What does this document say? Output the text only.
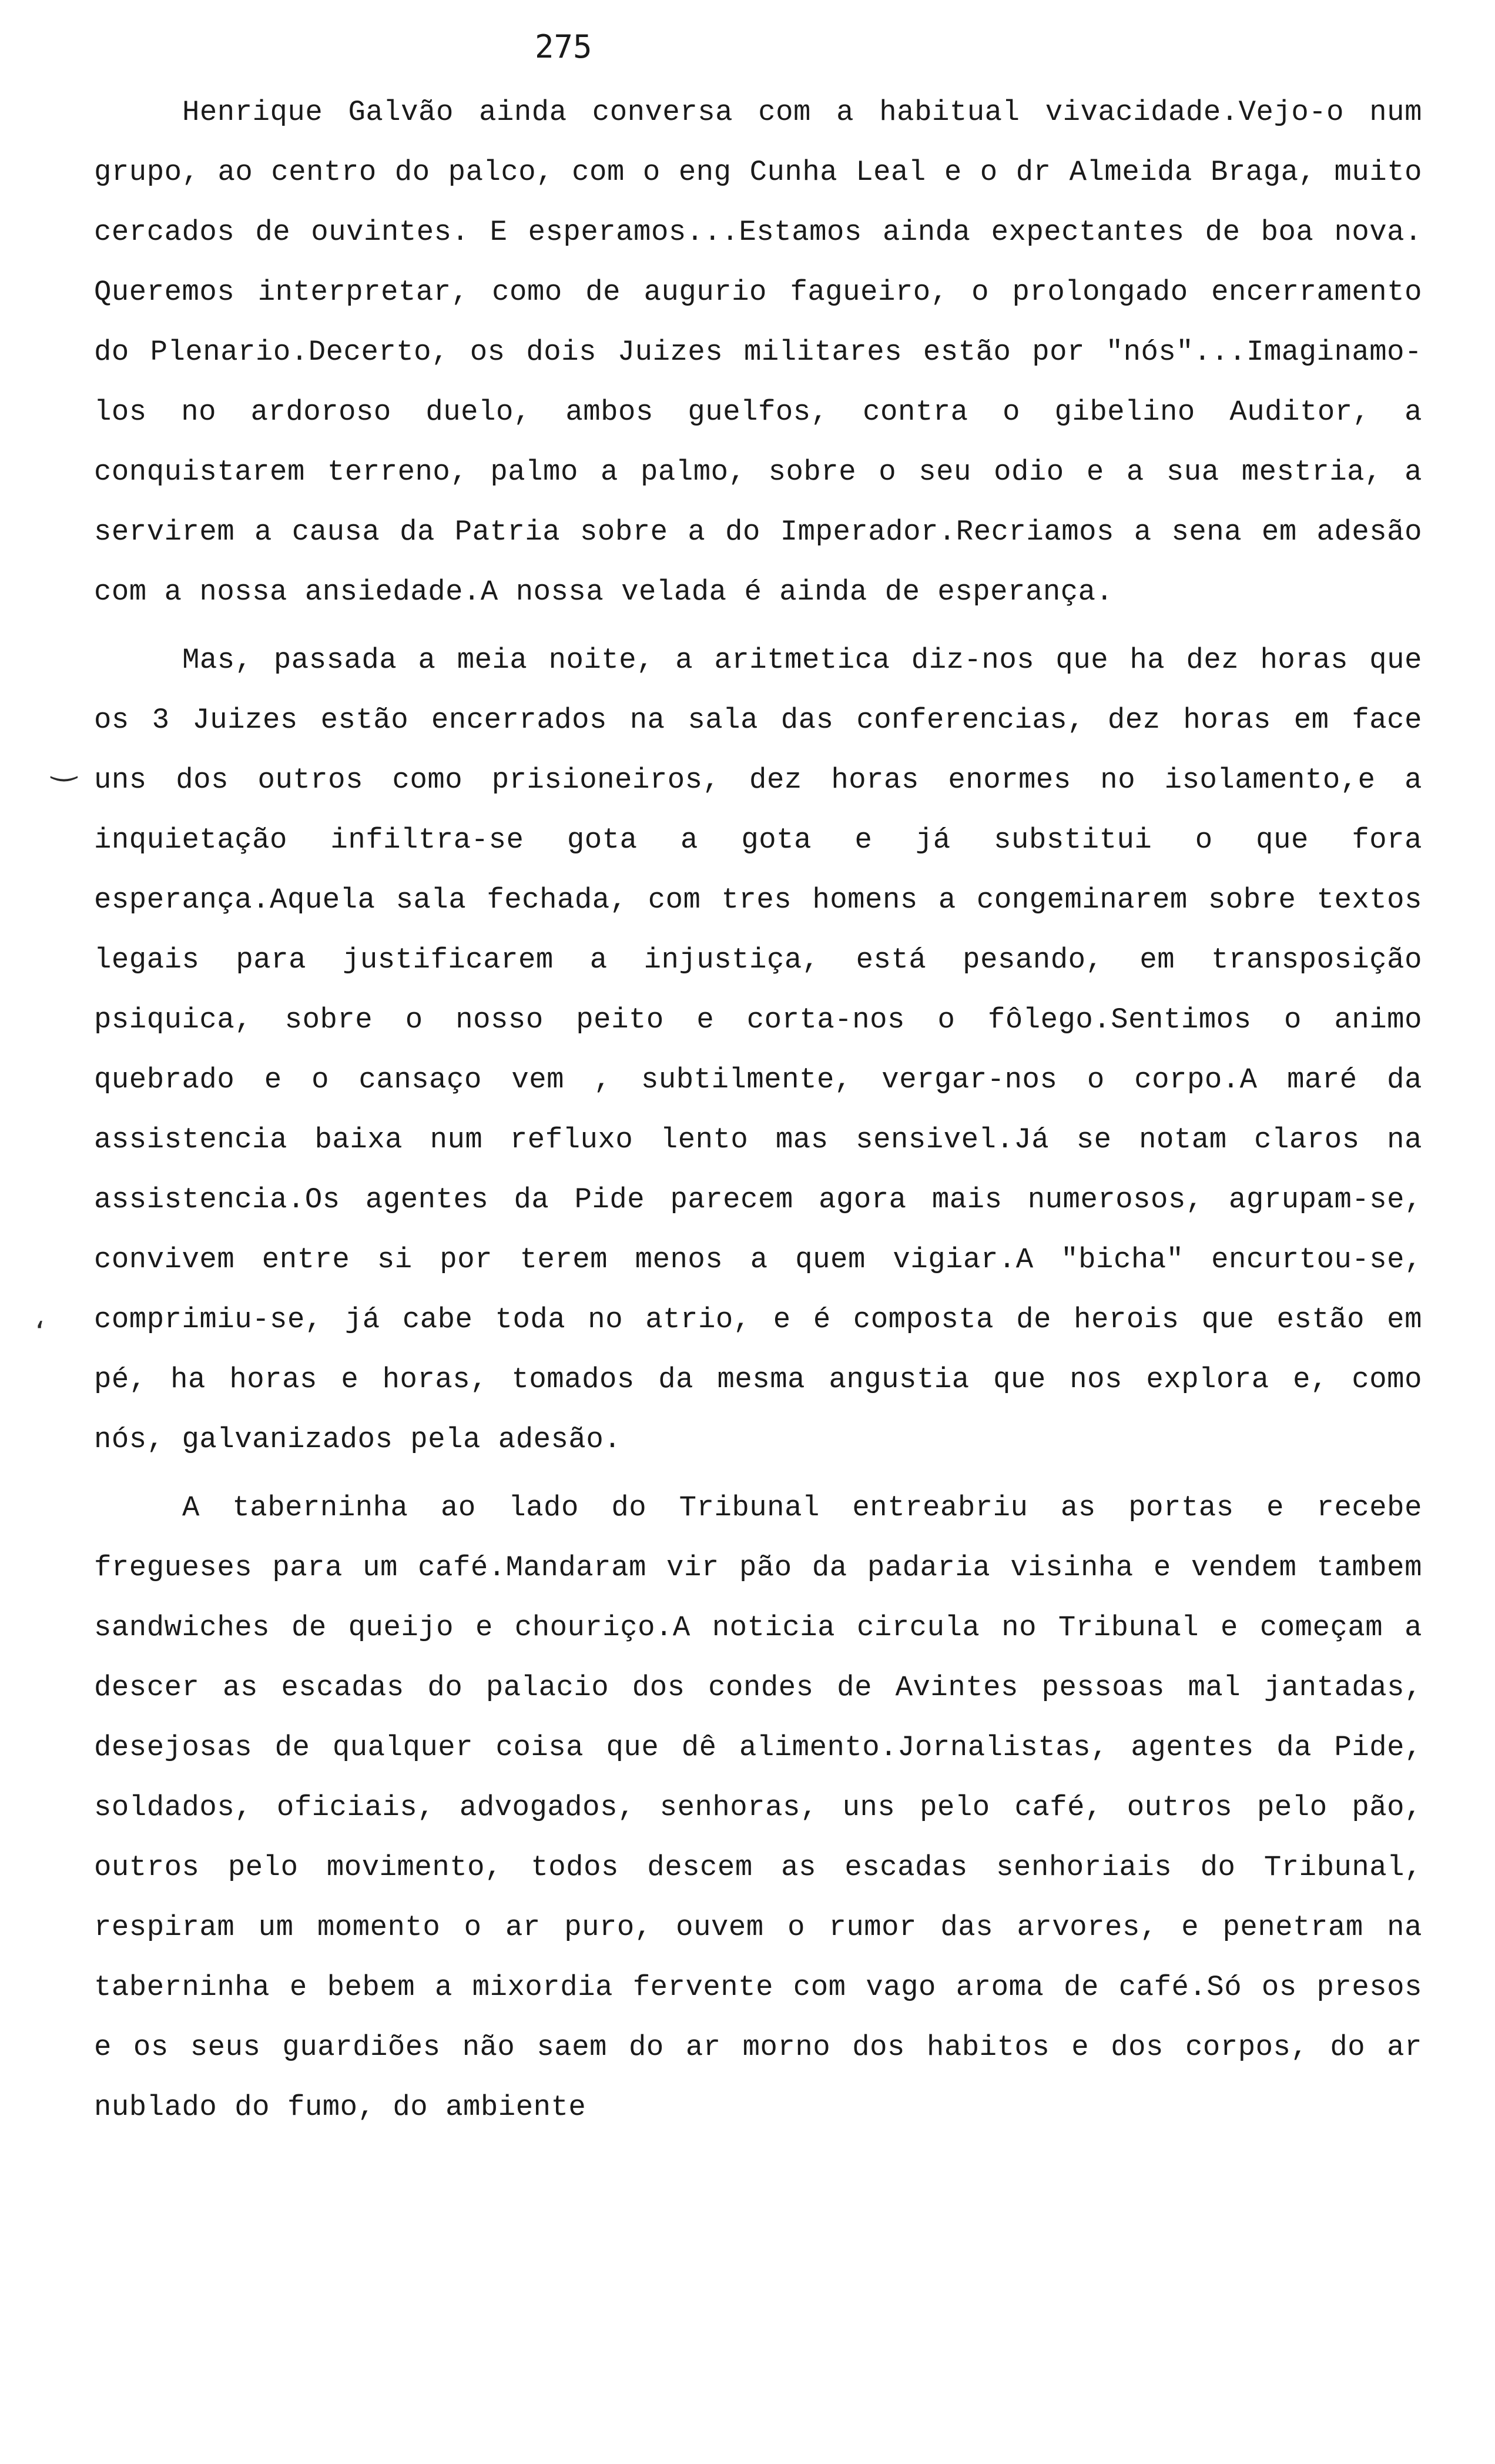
275
‿
‘

Henrique Galvão ainda conversa com a habitual vivacidade.Vejo-o num grupo, ao centro do palco, com o eng Cunha Leal e o dr Almeida Braga, muito cercados de ouvintes. E esperamos...Estamos ainda expectantes de boa nova. Queremos interpretar, como de augurio fagueiro, o prolongado encerramento do Plenario.Decerto, os dois Juizes militares estão por "nós"...Imaginamo-los no ardoroso duelo, ambos guelfos, contra o gibelino Auditor, a conquistarem terreno, palmo a palmo, sobre o seu odio e a sua mestria, a servirem a causa da Patria sobre a do Imperador.Recriamos a sena em adesão com a nossa ansiedade.A nossa velada é ainda de esperança.

Mas, passada a meia noite, a aritmetica diz-nos que ha dez horas que os 3 Juizes estão encerrados na sala das conferencias, dez horas em face uns dos outros como prisioneiros, dez horas enormes no isolamento,e a inquietação infiltra-se gota a gota e já substitui o que fora esperança.Aquela sala fechada, com tres homens a congeminarem sobre textos legais para justificarem a injustiça, está pesando, em transposição psiquica, sobre o nosso peito e corta-nos o fôlego.Sentimos o animo quebrado e o cansaço vem , subtilmente, vergar-nos o corpo.A maré da assistencia baixa num refluxo lento mas sensivel.Já se notam claros na assistencia.Os agentes da Pide parecem agora mais numerosos, agrupam-se, convivem entre si por terem menos a quem vigiar.A "bicha" encurtou-se, comprimiu-se, já cabe toda no atrio, e é composta de herois que estão em pé, ha horas e horas, tomados da mesma angustia que nos explora e, como nós, galvanizados pela adesão.

A taberninha ao lado do Tribunal entreabriu as portas e recebe fregueses para um café.Mandaram vir pão da padaria visinha e vendem tambem sandwiches de queijo e chouriço.A noticia circula no Tribunal e começam a descer as escadas do palacio dos condes de Avintes pessoas mal jantadas, desejosas de qualquer coisa que dê alimento.Jornalistas, agentes da Pide, soldados, oficiais, advogados, senhoras, uns pelo café, outros pelo pão, outros pelo movimento, todos descem as escadas senhoriais do Tribunal, respiram um momento o ar puro, ouvem o rumor das arvores, e penetram na taberninha e bebem a mixordia fervente com vago aroma de café.Só os presos e os seus guardiões não saem do ar morno dos habitos e dos corpos, do ar nublado do fumo, do ambiente
